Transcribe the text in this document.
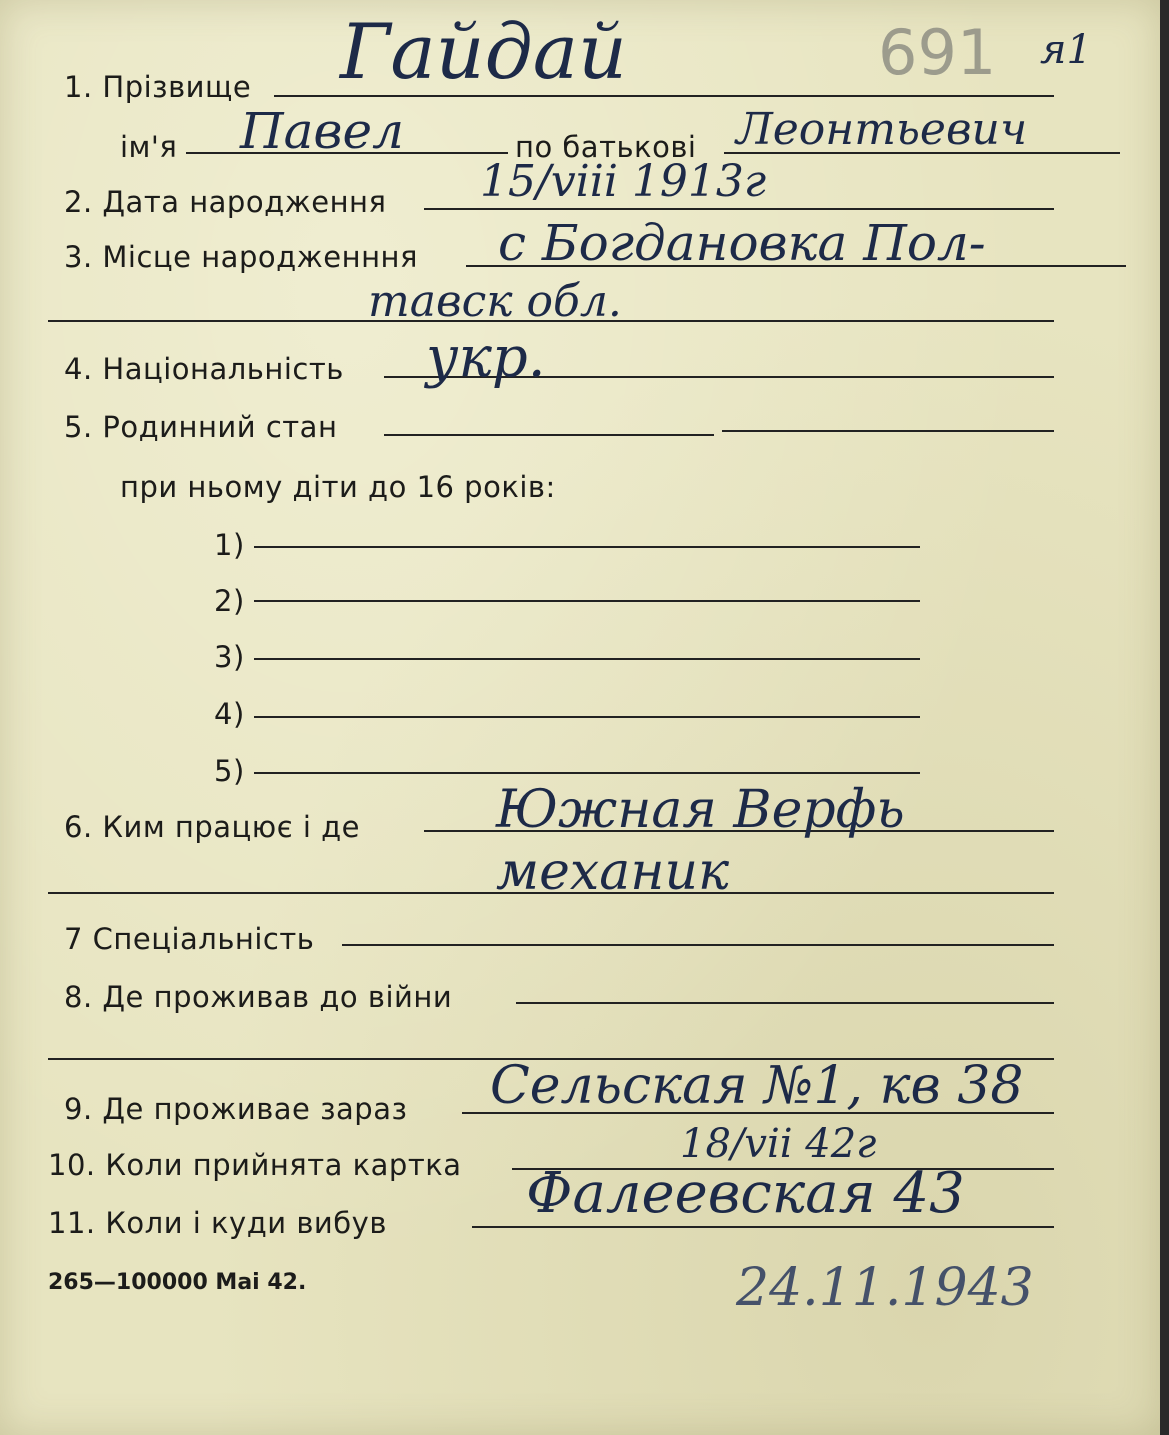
691 я1
1. Прізвище Гайдай
ім'я Павел	по батькові Леонтьевич
2. Дата народження 15/viii 1913г
3. Місце народженння с Богдановка Пол-
тавск обл.
4. Національність укр.
5. Родинний стан
при ньому діти до 16 років:
1)
2)
3)
4)
5)
6. Ким працює і де	Южная Верфь
механик
7 Спеціальність
8. Де проживав до війни
9. Де проживае зараз Сельская №1, кв 38
10. Коли прийнята картка	18/vii 42г
11. Коли і куди вибув Фалеевская 43
265—100000 Mai 42.	24.11.1943
